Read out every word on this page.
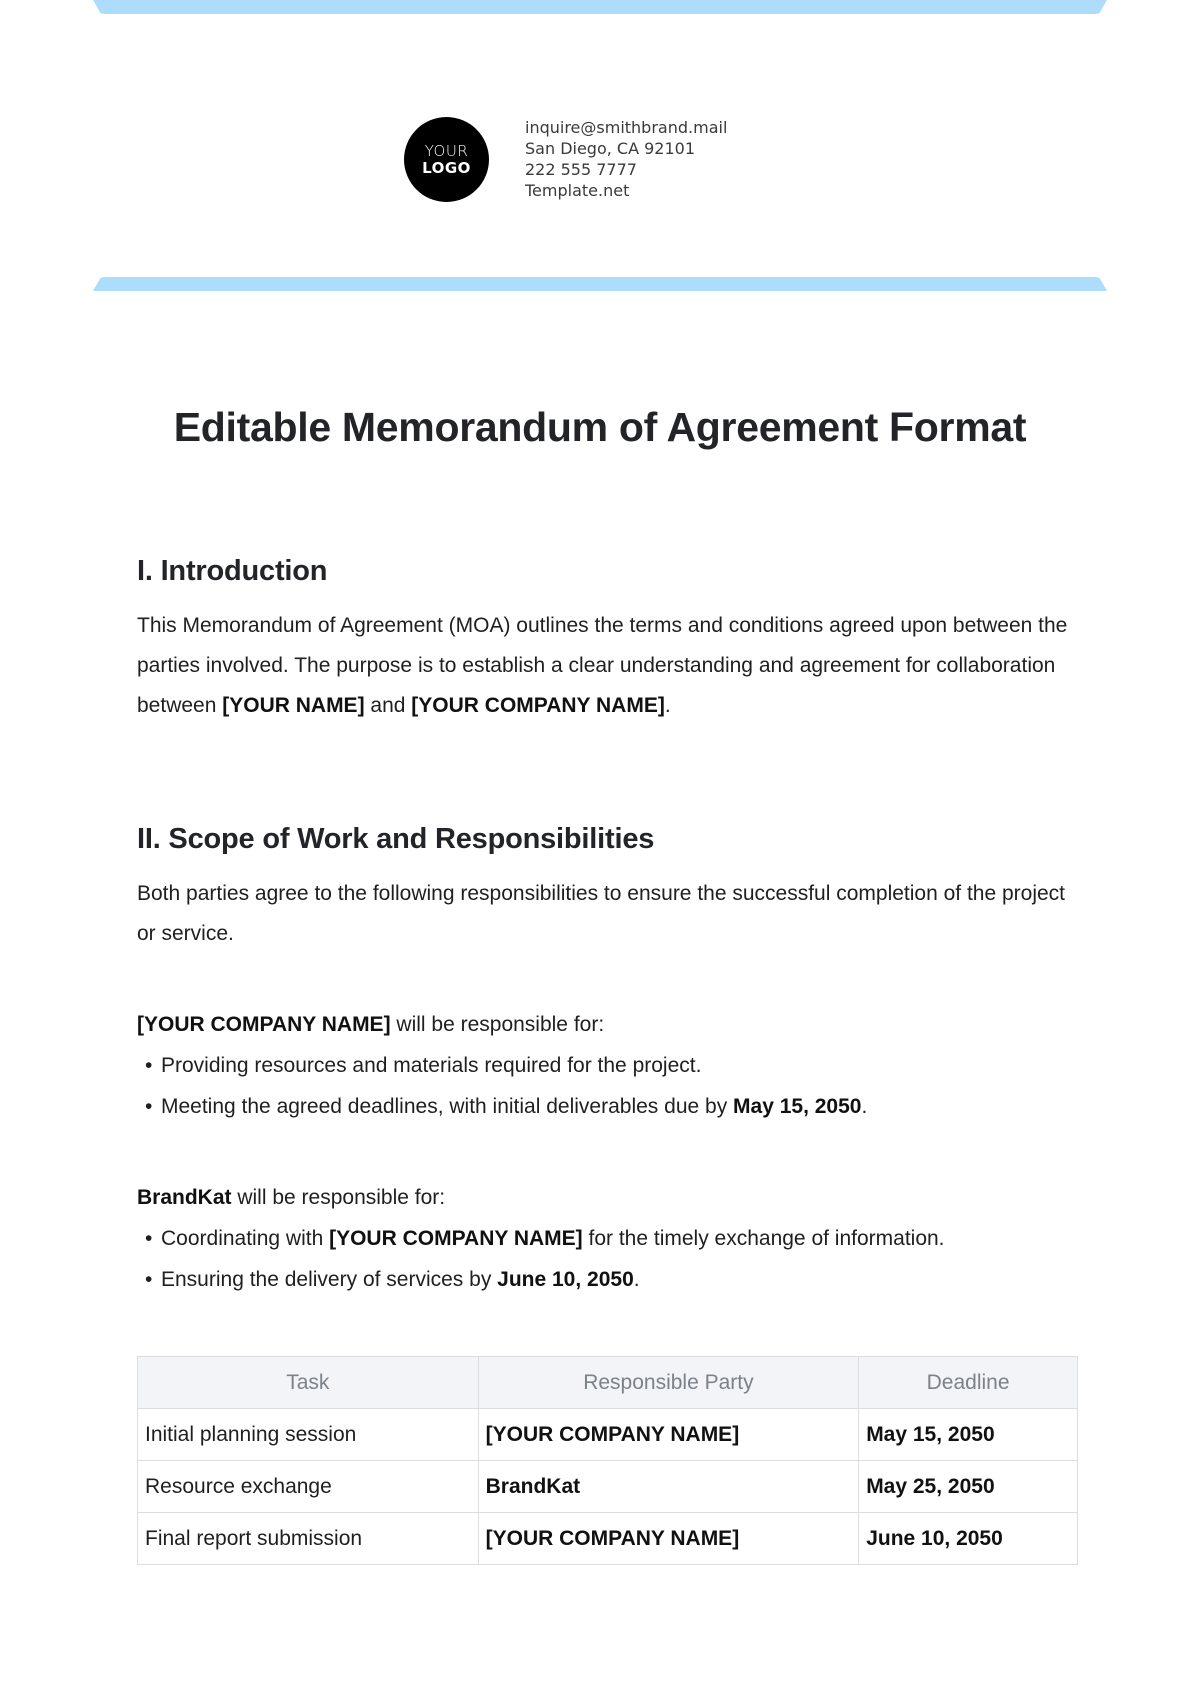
YOUR
LOGO
inquire@smithbrand.mail
San Diego, CA 92101
222 555 7777
Template.net
Editable Memorandum of Agreement Format
I. Introduction

This Memorandum of Agreement (MOA) outlines the terms and conditions agreed upon between the parties involved. The purpose is to establish a clear understanding and agreement for collaboration between [YOUR NAME] and [YOUR COMPANY NAME].

II. Scope of Work and Responsibilities

Both parties agree to the following responsibilities to ensure the successful completion of the project or service.

[YOUR COMPANY NAME] will be responsible for:
• Providing resources and materials required for the project.
• Meeting the agreed deadlines, with initial deliverables due by May 15, 2050.
BrandKat will be responsible for:
• Coordinating with [YOUR COMPANY NAME] for the timely exchange of information.
• Ensuring the delivery of services by June 10, 2050.
Task	Responsible Party	Deadline
Initial planning session	[YOUR COMPANY NAME]	May 15, 2050
Resource exchange	BrandKat	May 25, 2050
Final report submission	[YOUR COMPANY NAME]	June 10, 2050
